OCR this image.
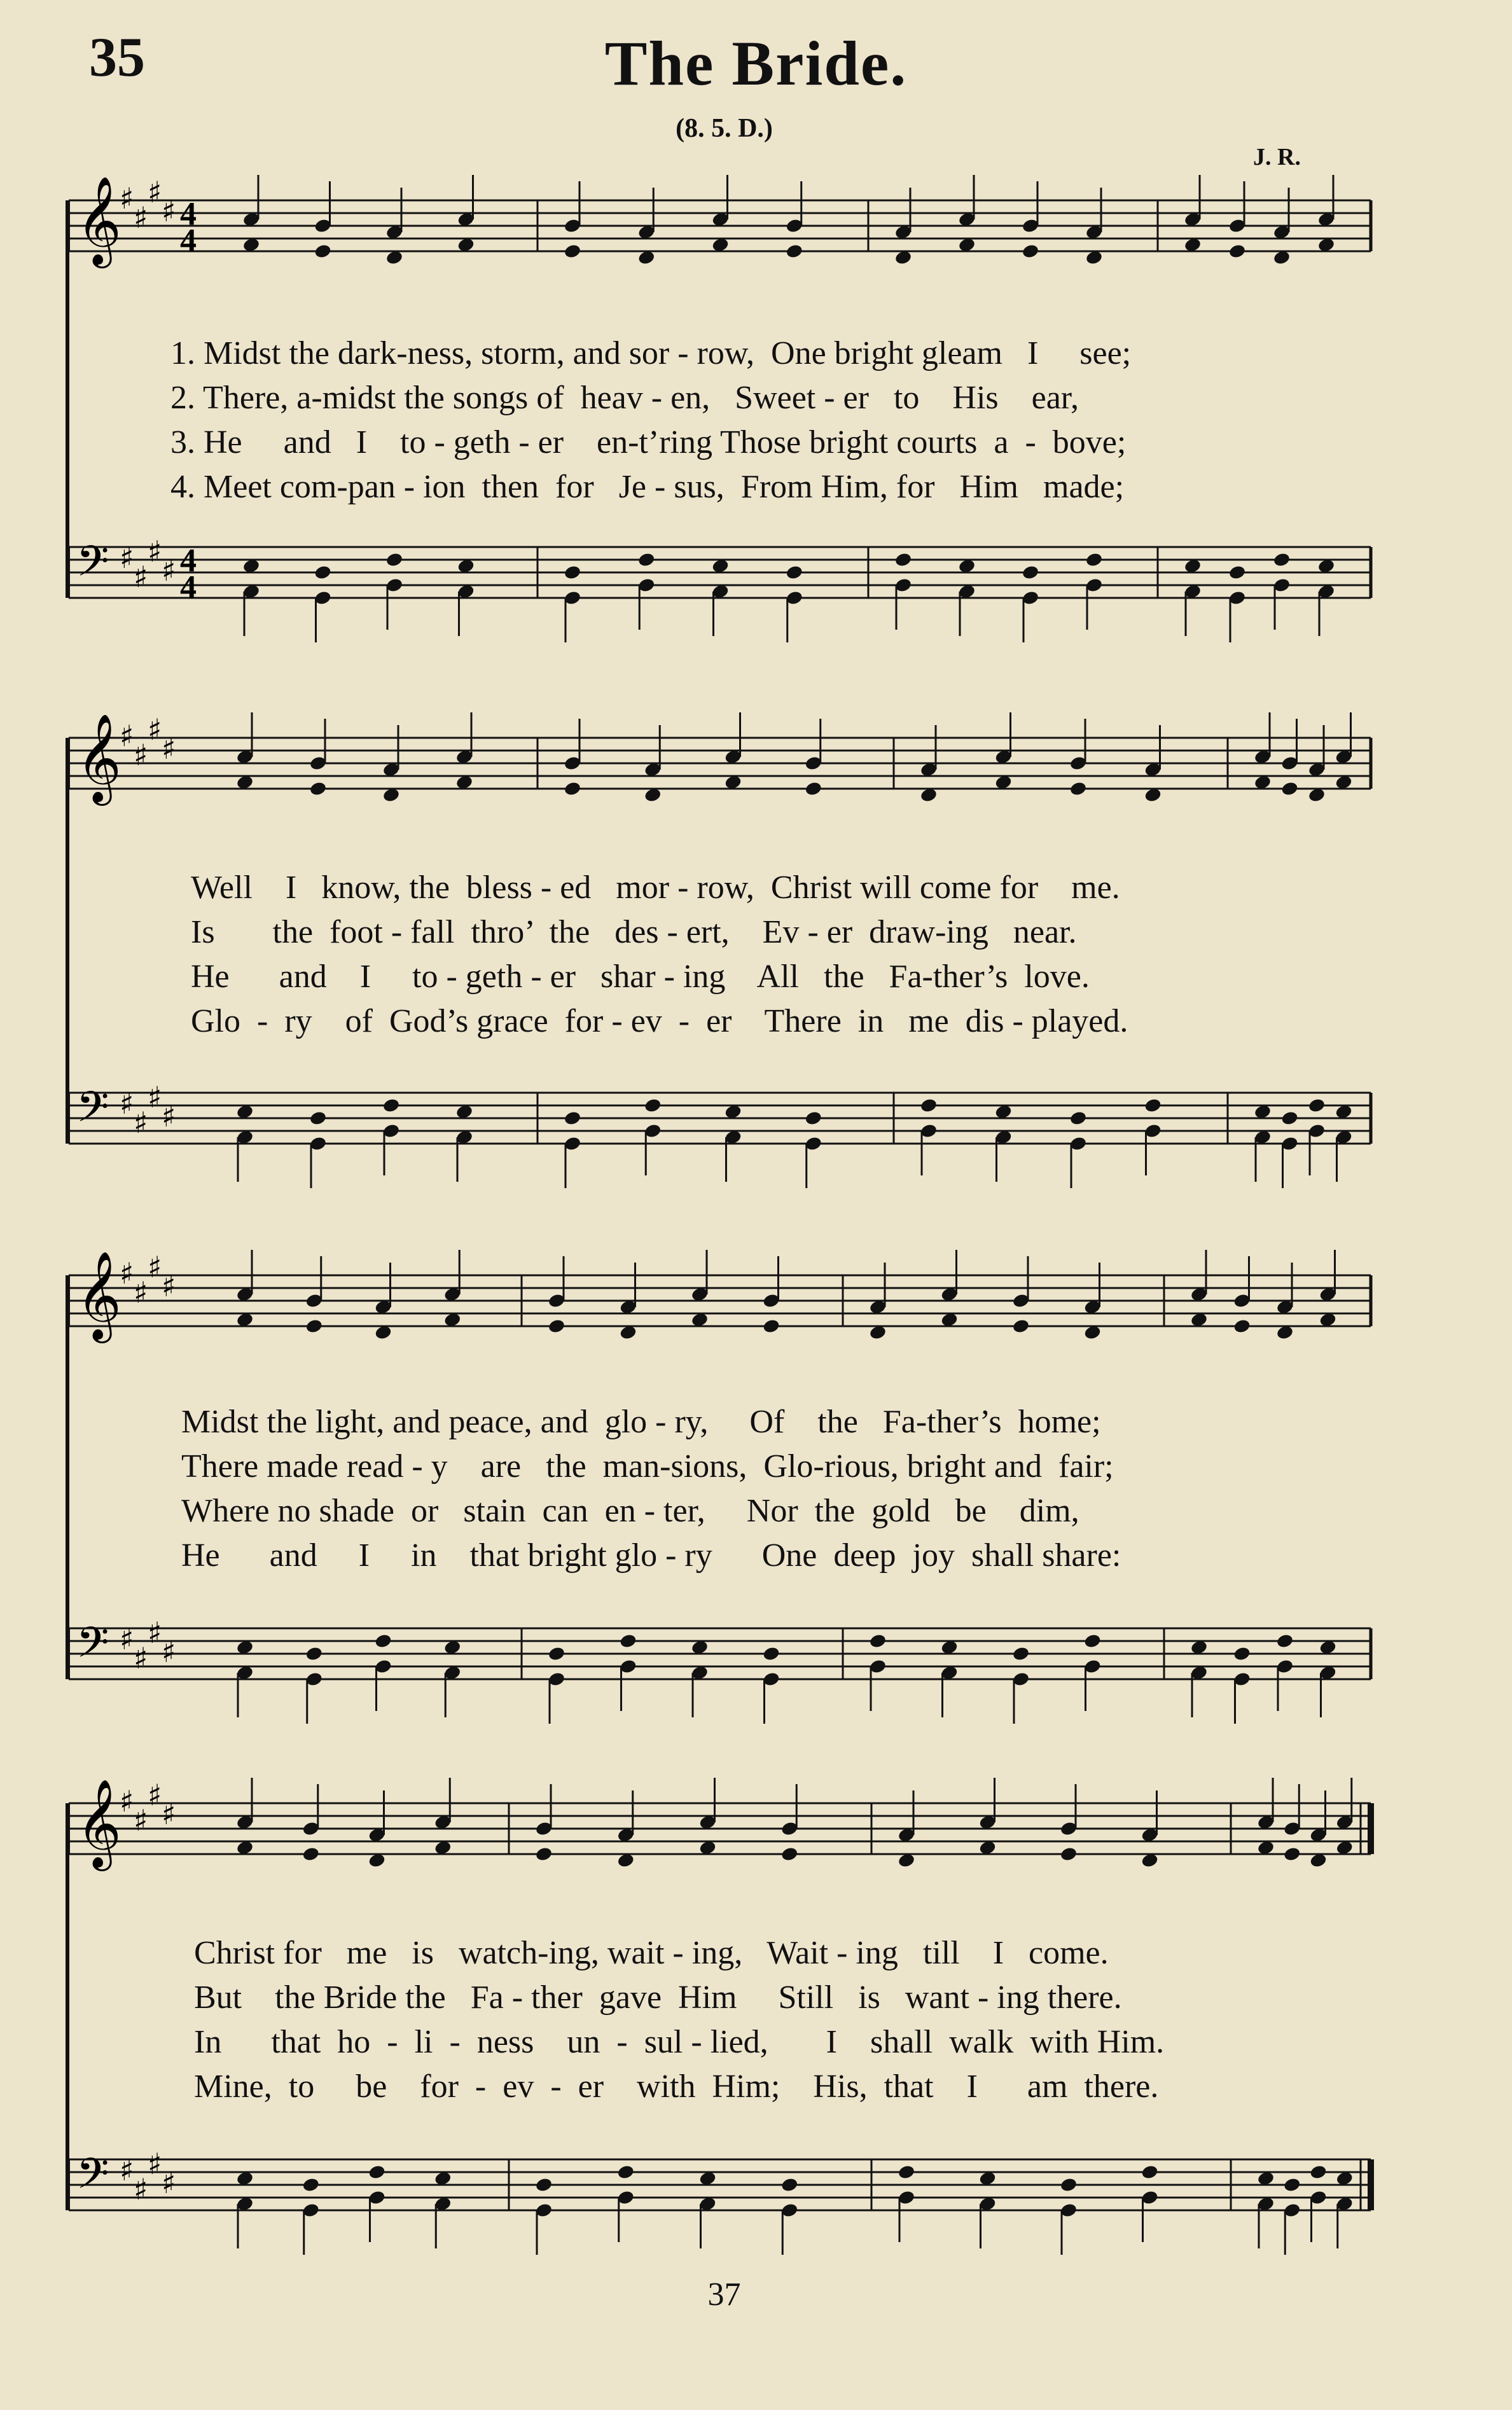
35	The Bride.
(8. 5. D.)
J. R.
𝄞
♯
♯
♯
♯ 4
4
𝄢 ♯
♯
♯
♯ 4
4
𝄞
♯
♯
♯
♯
𝄢 ♯
♯
♯
♯
𝄞
♯
♯
♯
♯
𝄢 ♯
♯
♯
♯
𝄞
♯
♯
♯
♯
𝄢 ♯
♯
♯
♯
1. Midst the dark-ness, storm, and sor - row,  One bright gleam   I     see;
2. There, a-midst the songs of  heav - en,   Sweet - er   to    His    ear,
3. He     and   I    to - geth - er    en-t’ring Those bright courts  a  -  bove;
4. Meet com-pan - ion  then  for   Je - sus,  From Him, for   Him   made;
Well    I   know, the  bless - ed   mor - row,  Christ will come for    me.
Is       the  foot - fall  thro’  the   des - ert,    Ev - er  draw-ing   near.
He      and    I     to - geth - er   shar - ing    All   the   Fa-ther’s  love.
Glo  -  ry    of  God’s grace  for - ev  -  er    There  in   me  dis - played.
Midst the light, and peace, and  glo - ry,     Of    the   Fa-ther’s  home;
There made read - y    are   the  man-sions,  Glo-rious, bright and  fair;
Where no shade  or   stain  can  en - ter,     Nor  the  gold   be    dim,
He      and     I     in    that bright glo - ry      One  deep  joy  shall share:
Christ for   me   is   watch-ing, wait - ing,   Wait - ing   till    I   come.
But    the Bride the   Fa - ther  gave  Him     Still   is   want - ing there.
In      that  ho  -  li  -  ness    un  -  sul - lied,       I    shall  walk  with Him.
Mine,  to     be    for  -  ev  -  er    with  Him;    His,  that    I      am  there.
37
